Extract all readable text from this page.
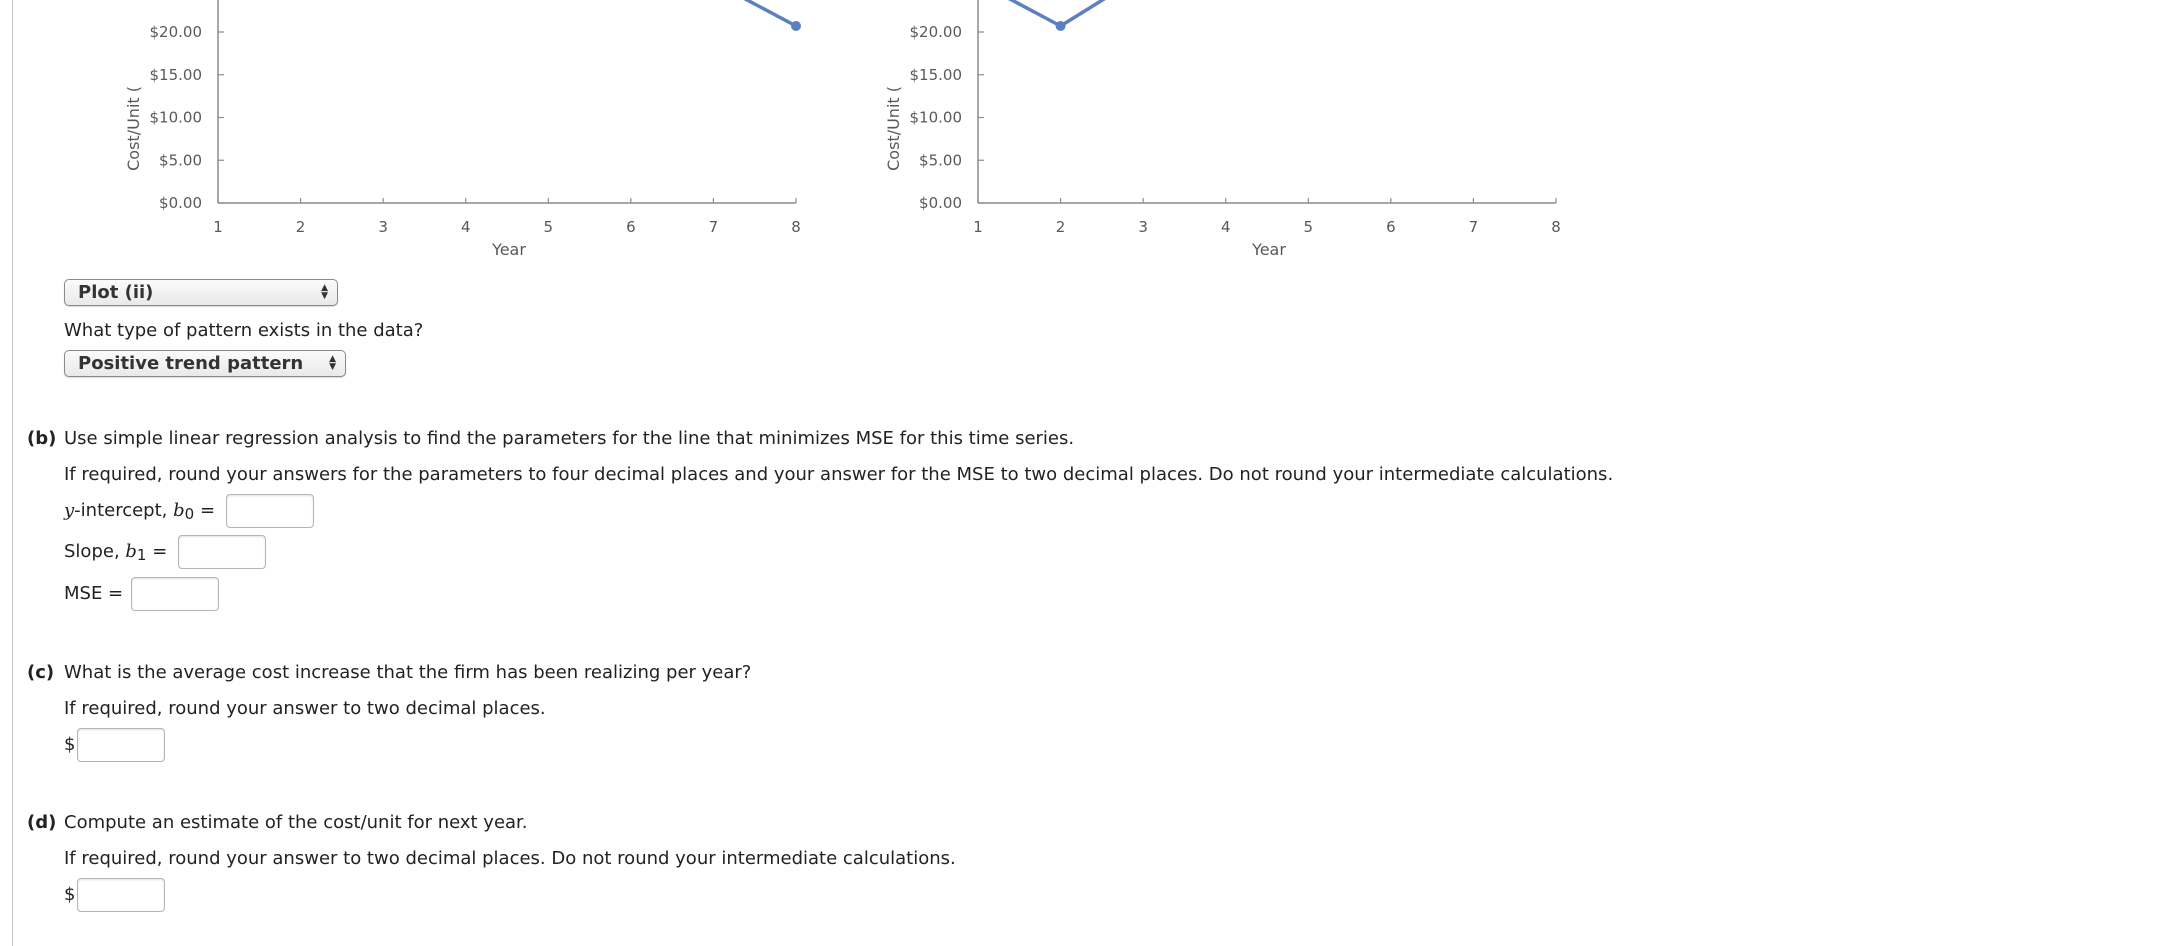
$0.00
$5.00
$10.00
$15.00
$20.00
1	2	3	4	5	6	7	8
Year
Cost/Unit (
$0.00
$5.00
$10.00
$15.00
$20.00
1	2	3	4	5	6	7	8
Year
Cost/Unit (
Plot (ii)	▲
▼
What type of pattern exists in the data?
Positive trend pattern	▲
▼
(b) Use simple linear regression analysis to find the parameters for the line that minimizes MSE for this time series.
If required, round your answers for the parameters to four decimal places and your answer for the MSE to two decimal places. Do not round your intermediate calculations.
y-intercept, b0 =
Slope, b1 =
MSE =
(c) What is the average cost increase that the firm has been realizing per year?
If required, round your answer to two decimal places.
$
(d) Compute an estimate of the cost/unit for next year.
If required, round your answer to two decimal places. Do not round your intermediate calculations.
$
